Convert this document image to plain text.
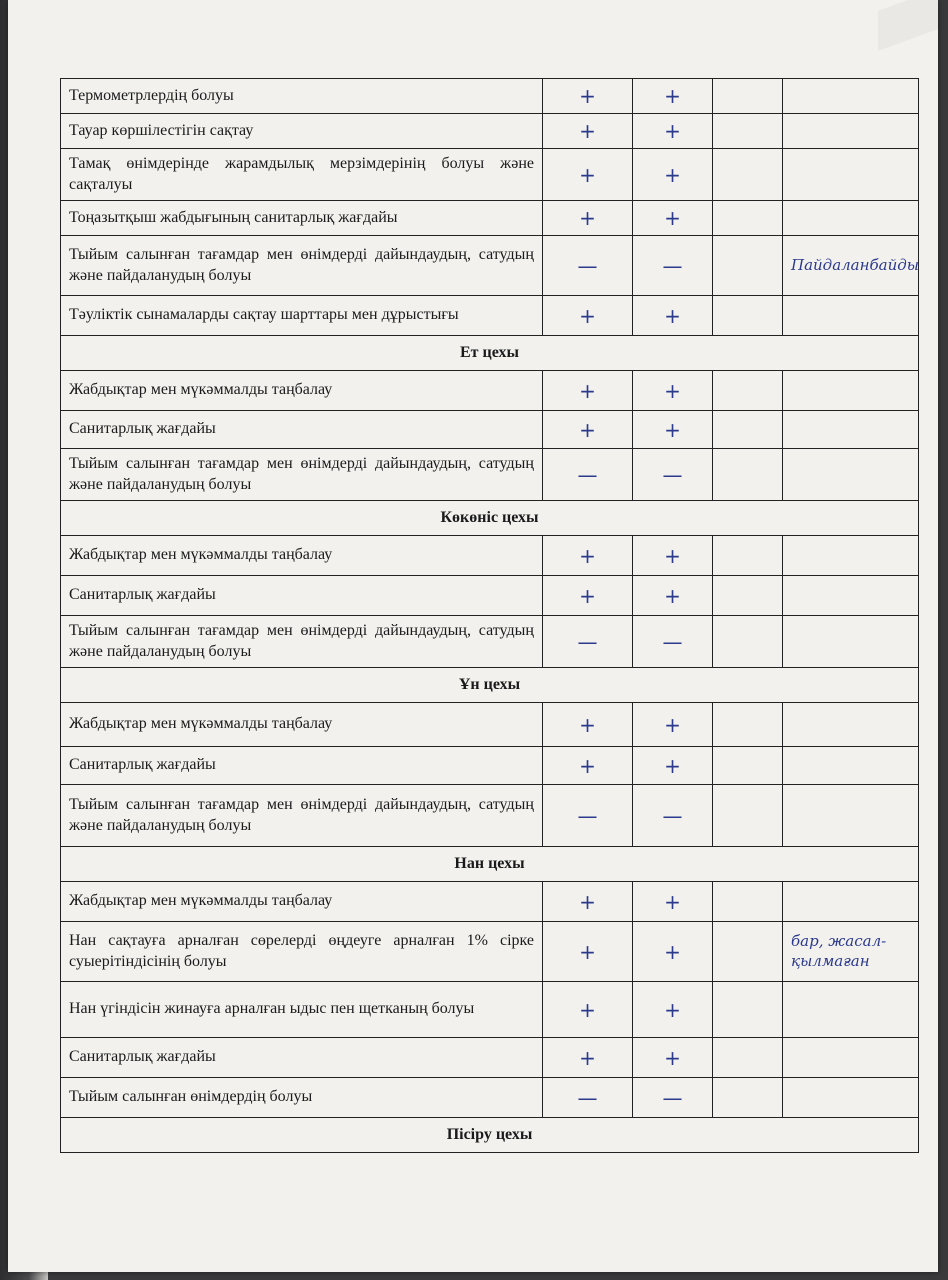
Термометрлердің болуы	+	+		
Тауар көршілестігін сақтау	+	+		
Тамақ өнімдерінде жарамдылық мерзімдерінің болуы және сақталуы	+	+		
Тоңазытқыш жабдығының санитарлық жағдайы	+	+		
Тыйым салынған тағамдар мен өнімдерді дайындаудың, сатудың және пайдаланудың болуы	—	—		Пайдаланбайды
Тәуліктік сынамаларды сақтау шарттары мен дұрыстығы	+	+		
Ет цехы				
Жабдықтар мен мүкәммалды таңбалау	+	+		
Санитарлық жағдайы	+	+		
Тыйым салынған тағамдар мен өнімдерді дайындаудың, сатудың және пайдаланудың болуы	—	—		
Көкөніс цехы				
Жабдықтар мен мүкәммалды таңбалау	+	+		
Санитарлық жағдайы	+	+		
Тыйым салынған тағамдар мен өнімдерді дайындаудың, сатудың және пайдаланудың болуы	—	—		
Ұн цехы				
Жабдықтар мен мүкәммалды таңбалау	+	+		
Санитарлық жағдайы	+	+		
Тыйым салынған тағамдар мен өнімдерді дайындаудың, сатудың және пайдаланудың болуы	—	—		
Нан цехы				
Жабдықтар мен мүкәммалды таңбалау	+	+		
Нан сақтауға арналған сөрелерді өңдеуге арналған 1% сірке суыерітіндісінің болуы	+	+		бар, жасал-қылмаған
Нан үгіндісін жинауға арналған ыдыс пен щетканың болуы	+	+		
Санитарлық жағдайы	+	+		
Тыйым салынған өнімдердің болуы	—	—		
Пісіру цехы				
